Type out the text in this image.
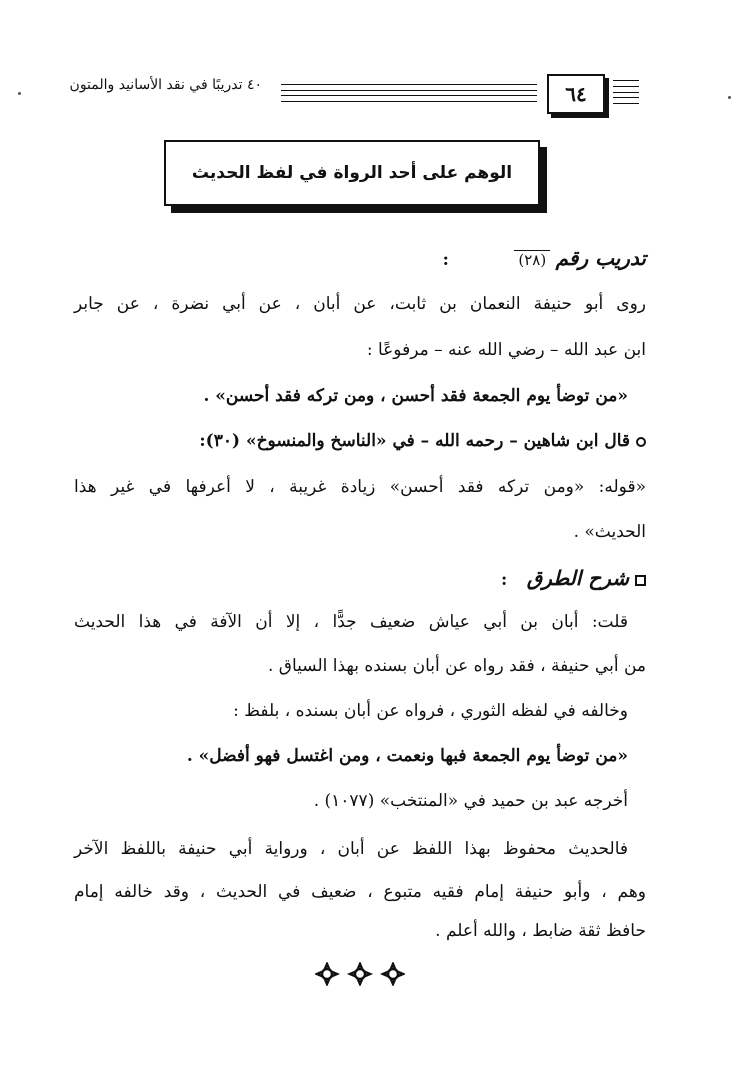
٦٤
٤٠ تدريبًا في نقد الأسانيد والمتون
الوهم على أحد الرواة في لفظ الحديث
تدريب رقم (٢٨) :
روى أبو حنيفة النعمان بن ثابت، عن أبان ، عن أبي نضرة ، عن جابر
ابن عبد الله – رضي الله عنه – مرفوعًا :
«من توضأ يوم الجمعة فقد أحسن ، ومن تركه فقد أحسن» .
قال ابن شاهين – رحمه الله – في «الناسخ والمنسوخ» (٣٠):
«قوله: «ومن تركه فقد أحسن» زيادة غريبة ، لا أعرفها في غير هذا
الحديث» .
شرح الطرق :
قلت: أبان بن أبي عياش ضعيف جدًّا ، إلا أن الآفة في هذا الحديث
من أبي حنيفة ، فقد رواه عن أبان بسنده بهذا السياق .
وخالفه في لفظه الثوري ، فرواه عن أبان بسنده ، بلفظ :
«من توضأ يوم الجمعة فبها ونعمت ، ومن اغتسل فهو أفضل» .
أخرجه عبد بن حميد في «المنتخب» (١٠٧٧) .
فالحديث محفوظ بهذا اللفظ عن أبان ، ورواية أبي حنيفة باللفظ الآخر
وهم ، وأبو حنيفة إمام فقيه متبوع ، ضعيف في الحديث ، وقد خالفه إمام
حافظ ثقة ضابط ، والله أعلم .
